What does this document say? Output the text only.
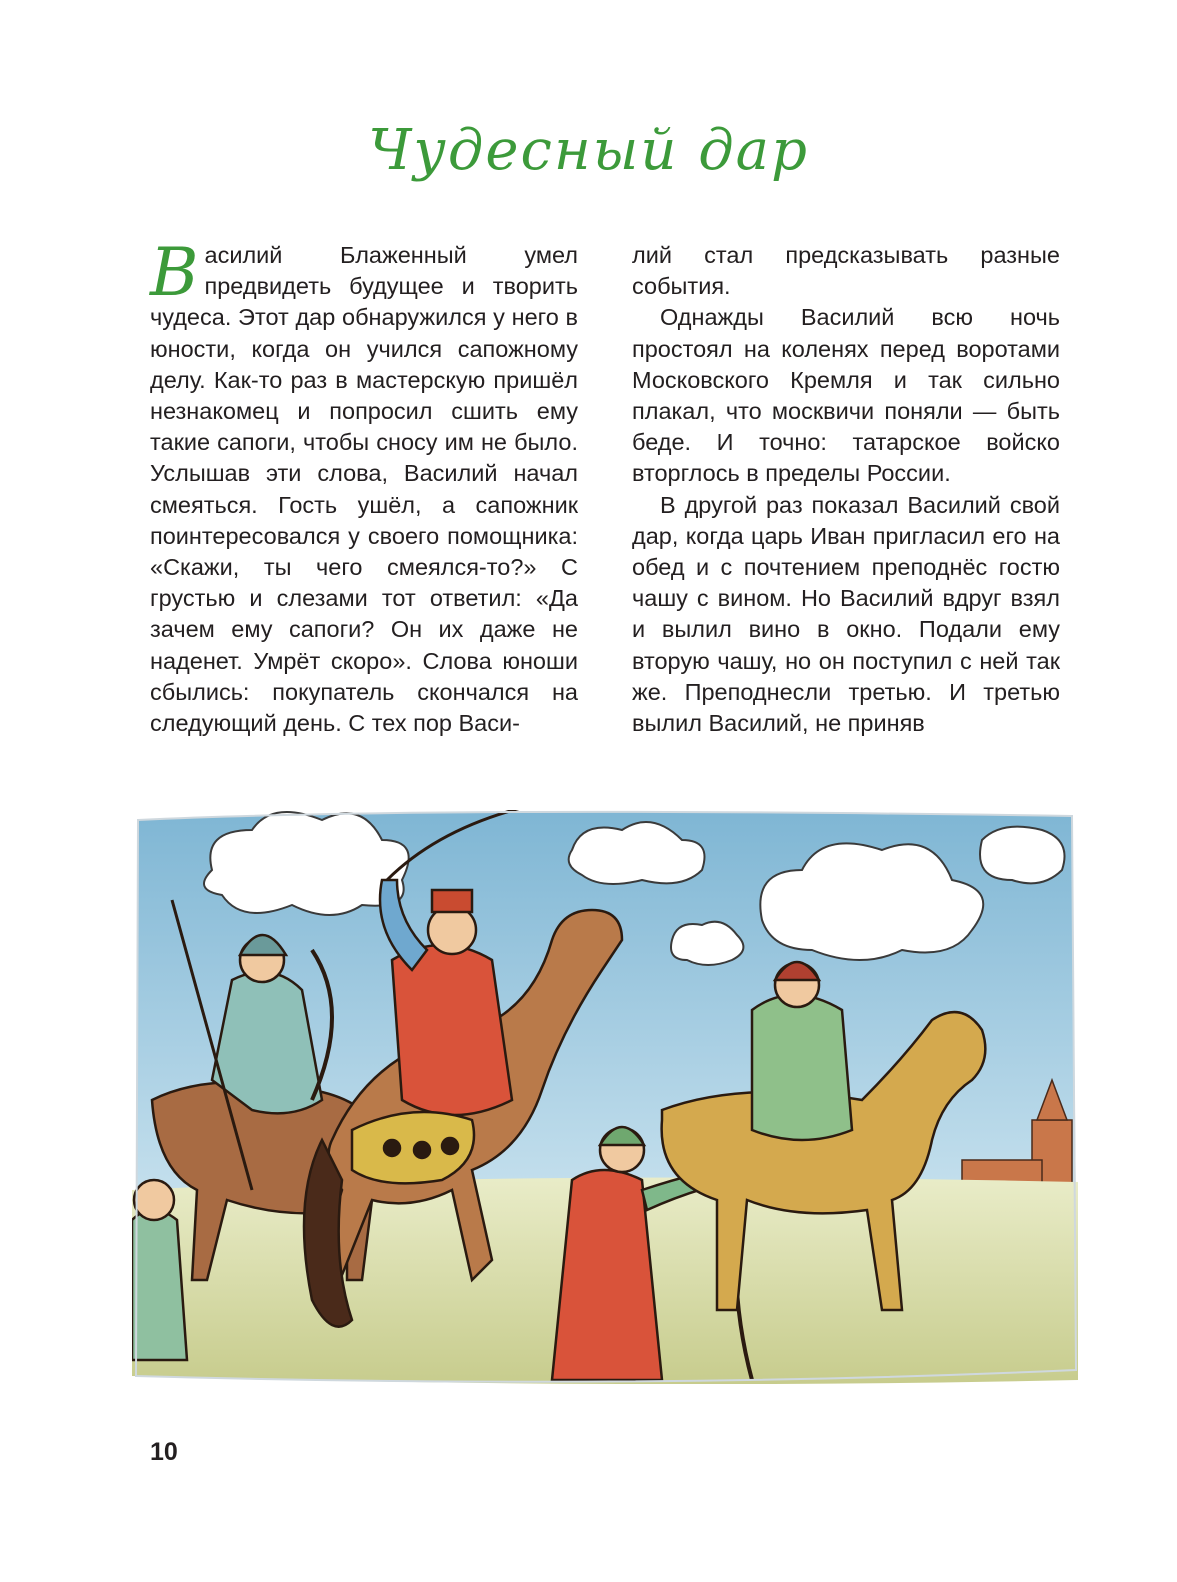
Чудесный дар

В асилий Блаженный умел предвидеть будущее и творить чудеса. Этот дар обнаружился у него в юности, когда он учился сапожному делу. Как-то раз в мастерскую пришёл незнакомец и попросил сшить ему такие сапоги, чтобы сносу им не было. Услышав эти слова, Василий начал смеяться. Гость ушёл, а сапожник поинтересовался у своего помощника: «Скажи, ты чего смеялся-то?» С грустью и слезами тот ответил: «Да зачем ему сапоги? Он их даже не наденет. Умрёт скоро». Слова юноши сбылись: покупатель скончался на следующий день. С тех пор Васи-

лий стал предсказывать разные события.

Однажды Василий всю ночь простоял на коленях перед воротами Московского Кремля и так сильно плакал, что москвичи поняли — быть беде. И точно: татарское войско вторглось в пределы России.

В другой раз показал Василий свой дар, когда царь Иван пригласил его на обед и с почтением преподнёс гостю чашу с вином. Но Василий вдруг взял и вылил вино в окно. Подали ему вторую чашу, но он поступил с ней так же. Преподнесли третью. И третью вылил Василий, не приняв

10
